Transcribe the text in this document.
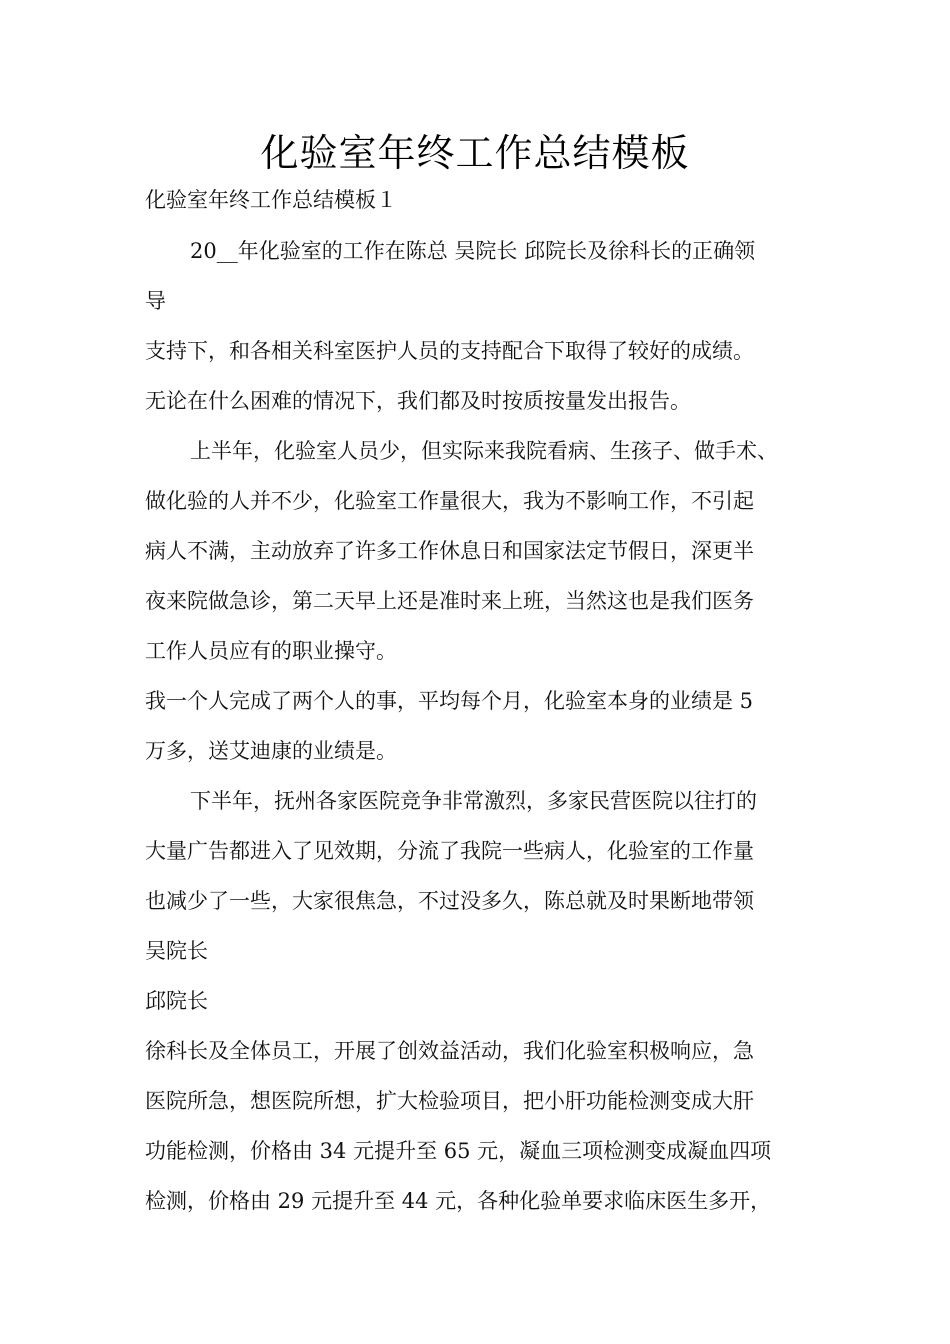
化验室年终工作总结模板
化验室年终工作总结模板１
20__年化验室的工作在陈总 吴院长 邱院长及徐科长的正确领
导
支持下，和各相关科室医护人员的支持配合下取得了较好的成绩。
无论在什么困难的情况下，我们都及时按质按量发出报告。
上半年，化验室人员少，但实际来我院看病、生孩子、做手术、
做化验的人并不少，化验室工作量很大，我为不影响工作，不引起
病人不满，主动放弃了许多工作休息日和国家法定节假日，深更半
夜来院做急诊，第二天早上还是准时来上班，当然这也是我们医务
工作人员应有的职业操守。
我一个人完成了两个人的事，平均每个月，化验室本身的业绩是 5
万多，送艾迪康的业绩是。
下半年，抚州各家医院竞争非常激烈，多家民营医院以往打的
大量广告都进入了见效期，分流了我院一些病人，化验室的工作量
也减少了一些，大家很焦急，不过没多久，陈总就及时果断地带领
吴院长
邱院长
徐科长及全体员工，开展了创效益活动，我们化验室积极响应，急
医院所急，想医院所想，扩大检验项目，把小肝功能检测变成大肝
功能检测，价格由 34 元提升至 65 元，凝血三项检测变成凝血四项
检测，价格由 29 元提升至 44 元，各种化验单要求临床医生多开，
